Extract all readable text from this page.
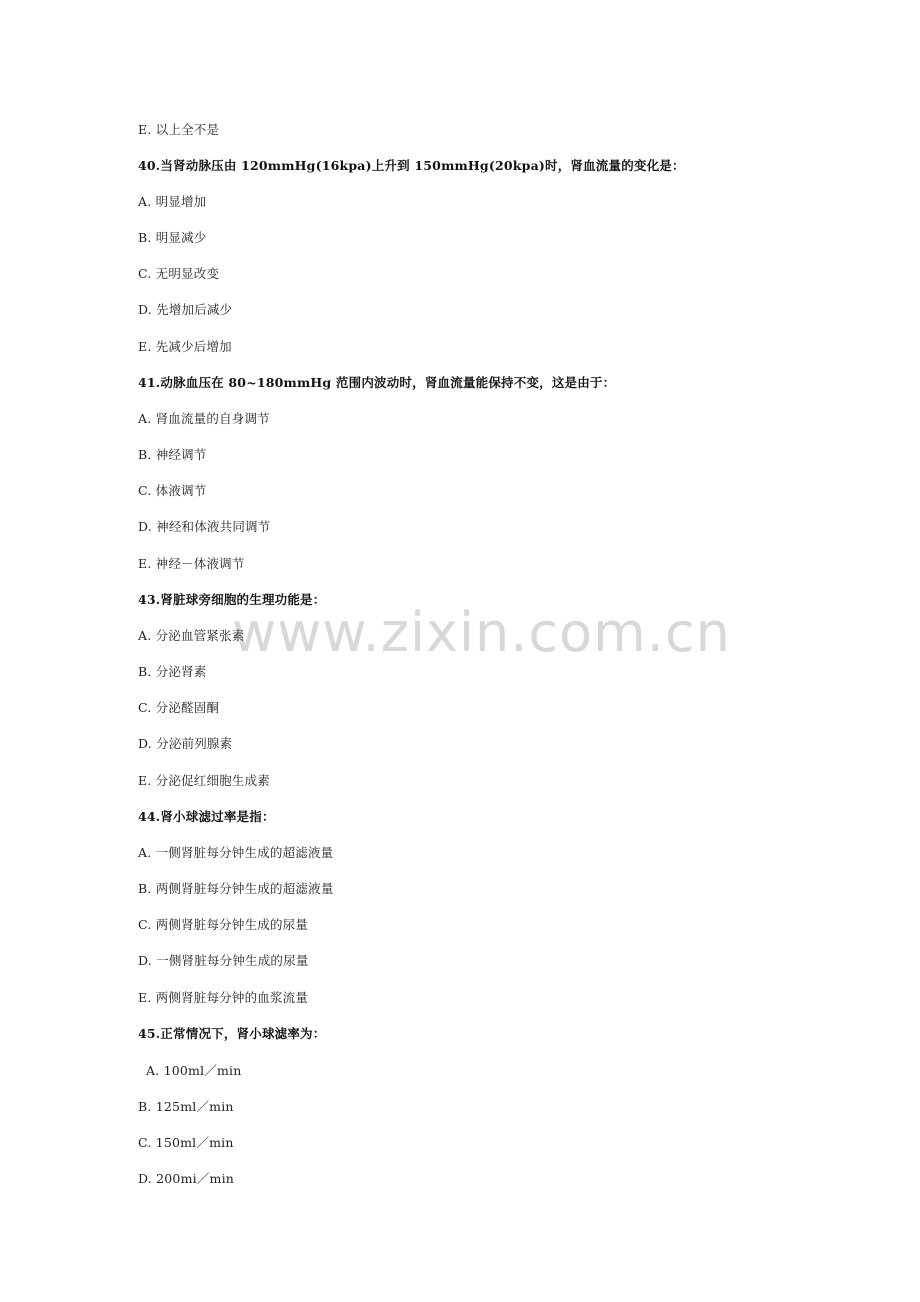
www.zixin.com.cn
E. 以上全不是
40.当肾动脉压由 120mmHg(16kpa)上升到 150mmHg(20kpa)时，肾血流量的变化是：
A. 明显增加
B. 明显减少
C. 无明显改变
D. 先增加后减少
E. 先减少后增加
41.动脉血压在 80~180mmHg 范围内波动时，肾血流量能保持不变，这是由于：
A. 肾血流量的自身调节
B. 神经调节
C. 体液调节
D. 神经和体液共同调节
E. 神经－体液调节
43.肾脏球旁细胞的生理功能是：
A. 分泌血管紧张素
B. 分泌肾素
C. 分泌醛固酮
D. 分泌前列腺素
E. 分泌促红细胞生成素
44.肾小球滤过率是指：
A. 一侧肾脏每分钟生成的超滤液量
B. 两侧肾脏每分钟生成的超滤液量
C. 两侧肾脏每分钟生成的尿量
D. 一侧肾脏每分钟生成的尿量
E. 两侧肾脏每分钟的血浆流量
45.正常情况下，肾小球滤率为：
A. 100ml／min
B. 125ml／min
C. 150ml／min
D. 200mi／min
